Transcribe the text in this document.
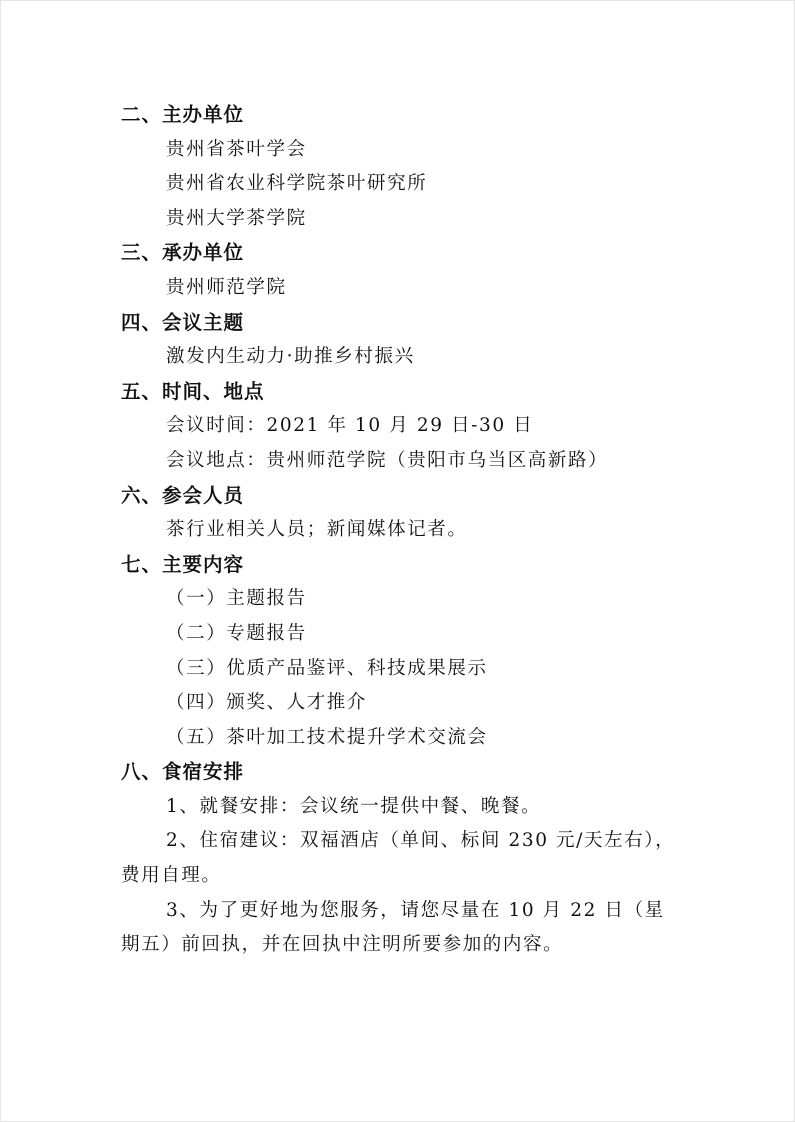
二、主办单位
贵州省茶叶学会
贵州省农业科学院茶叶研究所
贵州大学茶学院
三、承办单位
贵州师范学院
四、会议主题
激发内生动力·助推乡村振兴
五、时间、地点
会议时间：2021 年 10 月 29 日-30 日
会议地点：贵州师范学院（贵阳市乌当区高新路）
六、参会人员
茶行业相关人员；新闻媒体记者。
七、主要内容
（一）主题报告
（二）专题报告
（三）优质产品鉴评、科技成果展示
（四）颁奖、人才推介
（五）茶叶加工技术提升学术交流会
八、食宿安排
1、就餐安排：会议统一提供中餐、晚餐。
2、住宿建议：双福酒店（单间、标间 230 元/天左右），
费用自理。
3、为了更好地为您服务，请您尽量在 10 月 22 日（星
期五）前回执，并在回执中注明所要参加的内容。
